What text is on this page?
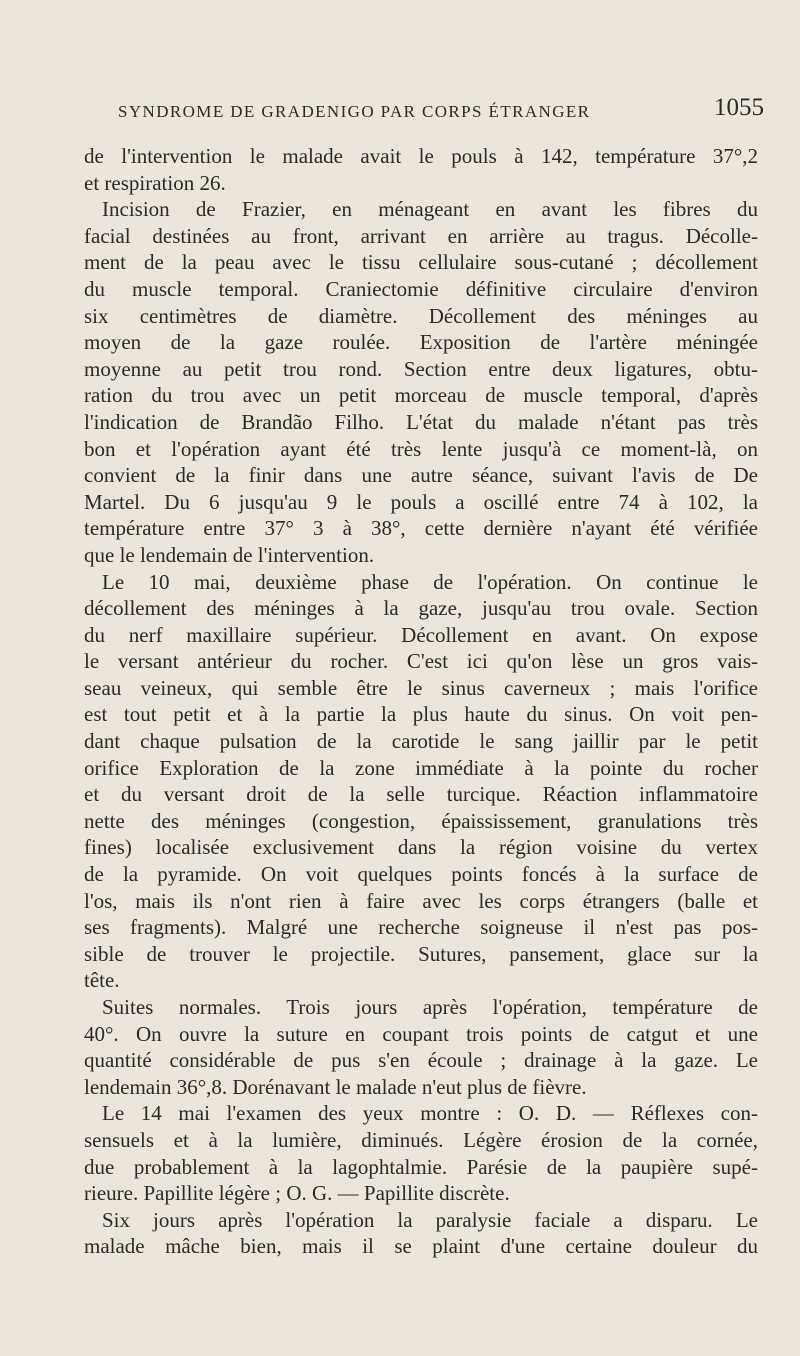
SYNDROME DE GRADENIGO PAR CORPS ÉTRANGER	1055
de l'intervention le malade avait le pouls à 142, température 37°,2
et respiration 26.
Incision de Frazier, en ménageant en avant les fibres du
facial destinées au front, arrivant en arrière au tragus. Décolle-
ment de la peau avec le tissu cellulaire sous-cutané ; décollement
du muscle temporal. Craniectomie définitive circulaire d'environ
six centimètres de diamètre. Décollement des méninges au
moyen de la gaze roulée. Exposition de l'artère méningée
moyenne au petit trou rond. Section entre deux ligatures, obtu-
ration du trou avec un petit morceau de muscle temporal, d'après
l'indication de Brandão Filho. L'état du malade n'étant pas très
bon et l'opération ayant été très lente jusqu'à ce moment-là, on
convient de la finir dans une autre séance, suivant l'avis de De
Martel. Du 6 jusqu'au 9 le pouls a oscillé entre 74 à 102, la
température entre 37° 3 à 38°, cette dernière n'ayant été vérifiée
que le lendemain de l'intervention.
Le 10 mai, deuxième phase de l'opération. On continue le
décollement des méninges à la gaze, jusqu'au trou ovale. Section
du nerf maxillaire supérieur. Décollement en avant. On expose
le versant antérieur du rocher. C'est ici qu'on lèse un gros vais-
seau veineux, qui semble être le sinus caverneux ; mais l'orifice
est tout petit et à la partie la plus haute du sinus. On voit pen-
dant chaque pulsation de la carotide le sang jaillir par le petit
orifice Exploration de la zone immédiate à la pointe du rocher
et du versant droit de la selle turcique. Réaction inflammatoire
nette des méninges (congestion, épaississement, granulations très
fines) localisée exclusivement dans la région voisine du vertex
de la pyramide. On voit quelques points foncés à la surface de
l'os, mais ils n'ont rien à faire avec les corps étrangers (balle et
ses fragments). Malgré une recherche soigneuse il n'est pas pos-
sible de trouver le projectile. Sutures, pansement, glace sur la
tête.
Suites normales. Trois jours après l'opération, température de
40°. On ouvre la suture en coupant trois points de catgut et une
quantité considérable de pus s'en écoule ; drainage à la gaze. Le
lendemain 36°,8. Dorénavant le malade n'eut plus de fièvre.
Le 14 mai l'examen des yeux montre : O. D. — Réflexes con-
sensuels et à la lumière, diminués. Légère érosion de la cornée,
due probablement à la lagophtalmie. Parésie de la paupière supé-
rieure. Papillite légère ; O. G. — Papillite discrète.
Six jours après l'opération la paralysie faciale a disparu. Le
malade mâche bien, mais il se plaint d'une certaine douleur du
